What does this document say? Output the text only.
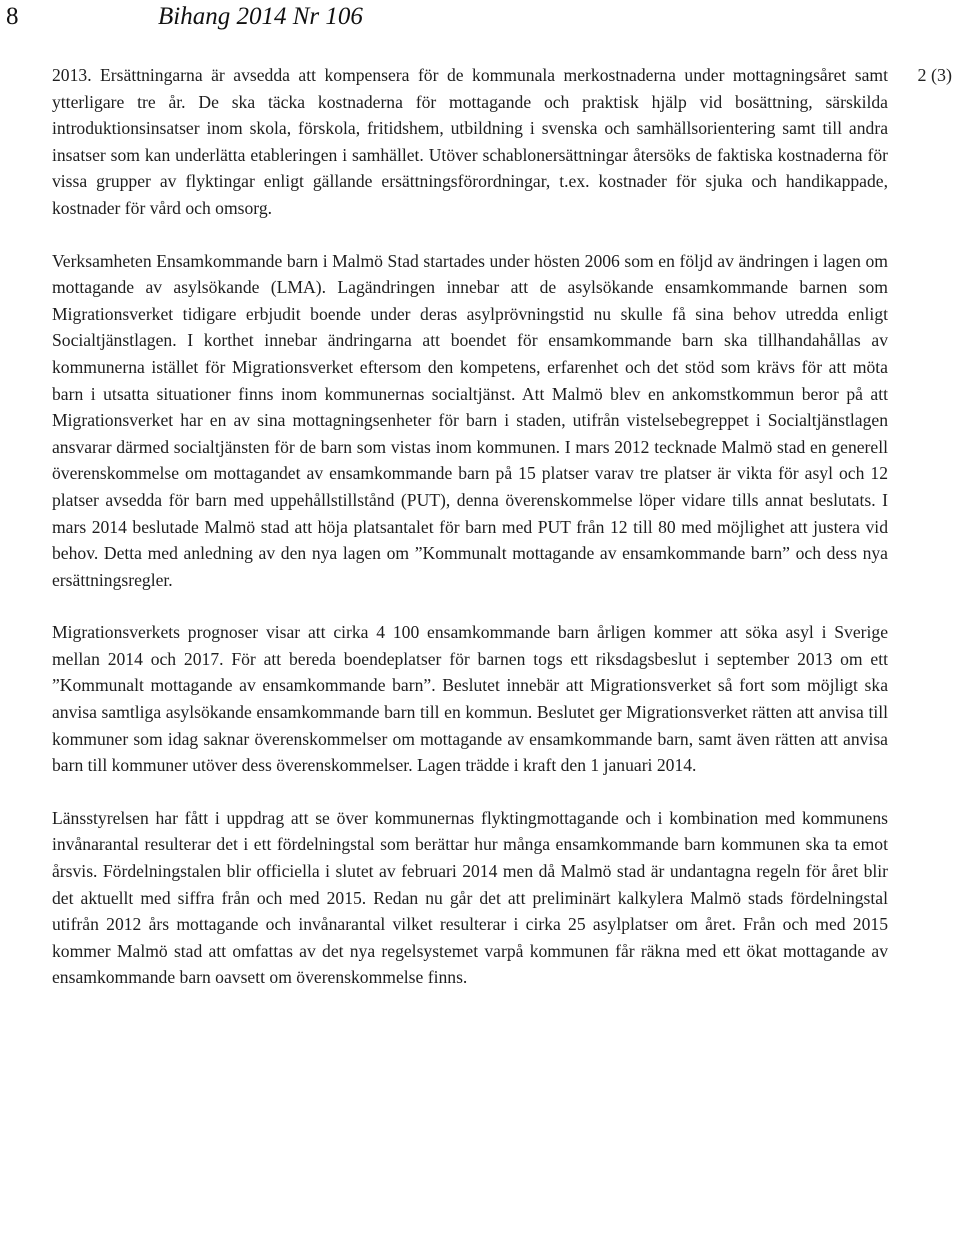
8	Bihang 2014 Nr 106
2 (3)

2013. Ersättningarna är avsedda att kompensera för de kommunala merkostnaderna under mottagningsåret samt ytterligare tre år. De ska täcka kostnaderna för mottagande och praktisk hjälp vid bosättning, särskilda introduktionsinsatser inom skola, förskola, fritidshem, utbildning i svenska och samhällsorientering samt till andra insatser som kan underlätta etableringen i samhället. Utöver schablonersättningar återsöks de faktiska kostnaderna för vissa grupper av flyktingar enligt gällande ersättningsförordningar, t.ex. kostnader för sjuka och handikappade, kostnader för vård och omsorg.

Verksamheten Ensamkommande barn i Malmö Stad startades under hösten 2006 som en följd av ändringen i lagen om mottagande av asylsökande (LMA). Lagändringen innebar att de asylsökande ensamkommande barnen som Migrationsverket tidigare erbjudit boende under deras asylprövningstid nu skulle få sina behov utredda enligt Socialtjänstlagen. I korthet innebar ändringarna att boendet för ensamkommande barn ska tillhandahållas av kommunerna istället för Migrationsverket eftersom den kompetens, erfarenhet och det stöd som krävs för att möta barn i utsatta situationer finns inom kommunernas socialtjänst. Att Malmö blev en ankomstkommun beror på att Migrationsverket har en av sina mottagningsenheter för barn i staden, utifrån vistelsebegreppet i Socialtjänstlagen ansvarar därmed socialtjänsten för de barn som vistas inom kommunen. I mars 2012 tecknade Malmö stad en generell överenskommelse om mottagandet av ensamkommande barn på 15 platser varav tre platser är vikta för asyl och 12 platser avsedda för barn med uppehållstillstånd (PUT), denna överenskommelse löper vidare tills annat beslutats. I mars 2014 beslutade Malmö stad att höja platsantalet för barn med PUT från 12 till 80 med möjlighet att justera vid behov. Detta med anledning av den nya lagen om ”Kommunalt mottagande av ensamkommande barn” och dess nya ersättningsregler.

Migrationsverkets prognoser visar att cirka 4 100 ensamkommande barn årligen kommer att söka asyl i Sverige mellan 2014 och 2017. För att bereda boendeplatser för barnen togs ett riksdagsbeslut i september 2013 om ett ”Kommunalt mottagande av ensamkommande barn”. Beslutet innebär att Migrationsverket så fort som möjligt ska anvisa samtliga asylsökande ensamkommande barn till en kommun. Beslutet ger Migrationsverket rätten att anvisa till kommuner som idag saknar överenskommelser om mottagande av ensamkommande barn, samt även rätten att anvisa barn till kommuner utöver dess överenskommelser. Lagen trädde i kraft den 1 januari 2014.

Länsstyrelsen har fått i uppdrag att se över kommunernas flyktingmottagande och i kombination med kommunens invånarantal resulterar det i ett fördelningstal som berättar hur många ensamkommande barn kommunen ska ta emot årsvis. Fördelningstalen blir officiella i slutet av februari 2014 men då Malmö stad är undantagna regeln för året blir det aktuellt med siffra från och med 2015. Redan nu går det att preliminärt kalkylera Malmö stads fördelningstal utifrån 2012 års mottagande och invånarantal vilket resulterar i cirka 25 asylplatser om året. Från och med 2015 kommer Malmö stad att omfattas av det nya regelsystemet varpå kommunen får räkna med ett ökat mottagande av ensamkommande barn oavsett om överenskommelse finns.
